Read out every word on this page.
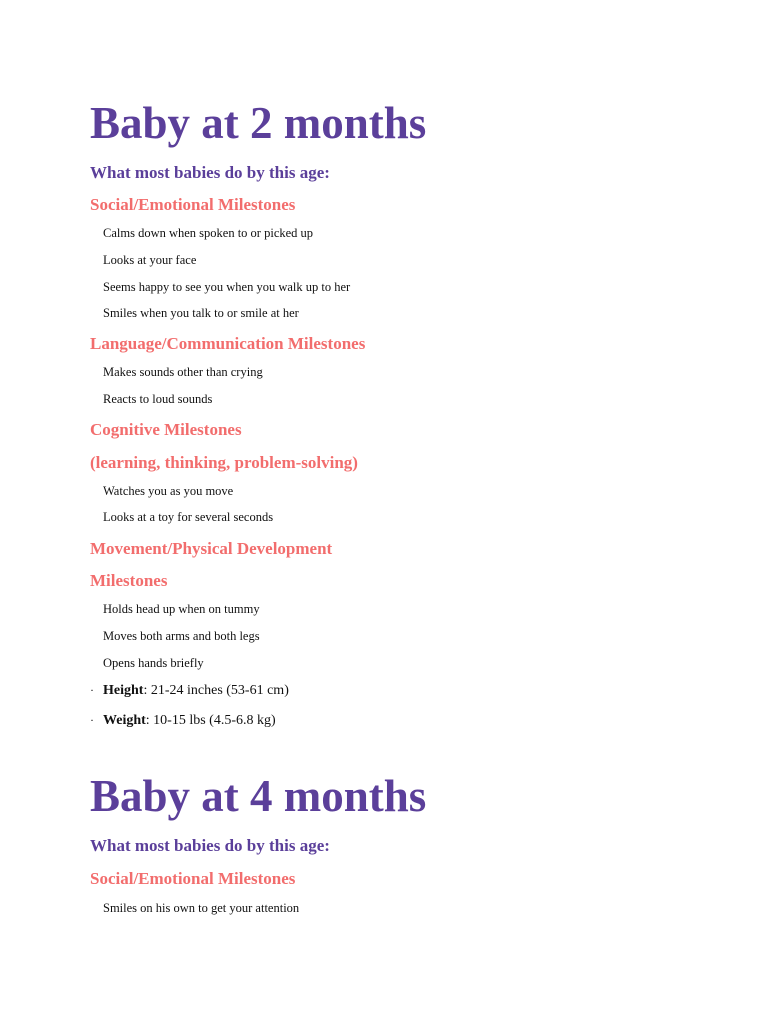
Baby at 2 months
What most babies do by this age:
Social/Emotional Milestones
Calms down when spoken to or picked up
Looks at your face
Seems happy to see you when you walk up to her
Smiles when you talk to or smile at her
Language/Communication Milestones
Makes sounds other than crying
Reacts to loud sounds
Cognitive Milestones
(learning, thinking, problem-solving)
Watches you as you move
Looks at a toy for several seconds
Movement/Physical Development
Milestones
Holds head up when on tummy
Moves both arms and both legs
Opens hands briefly
· Height: 21-24 inches (53-61 cm)
· Weight: 10-15 lbs (4.5-6.8 kg)
Baby at 4 months
What most babies do by this age:
Social/Emotional Milestones
Smiles on his own to get your attention
